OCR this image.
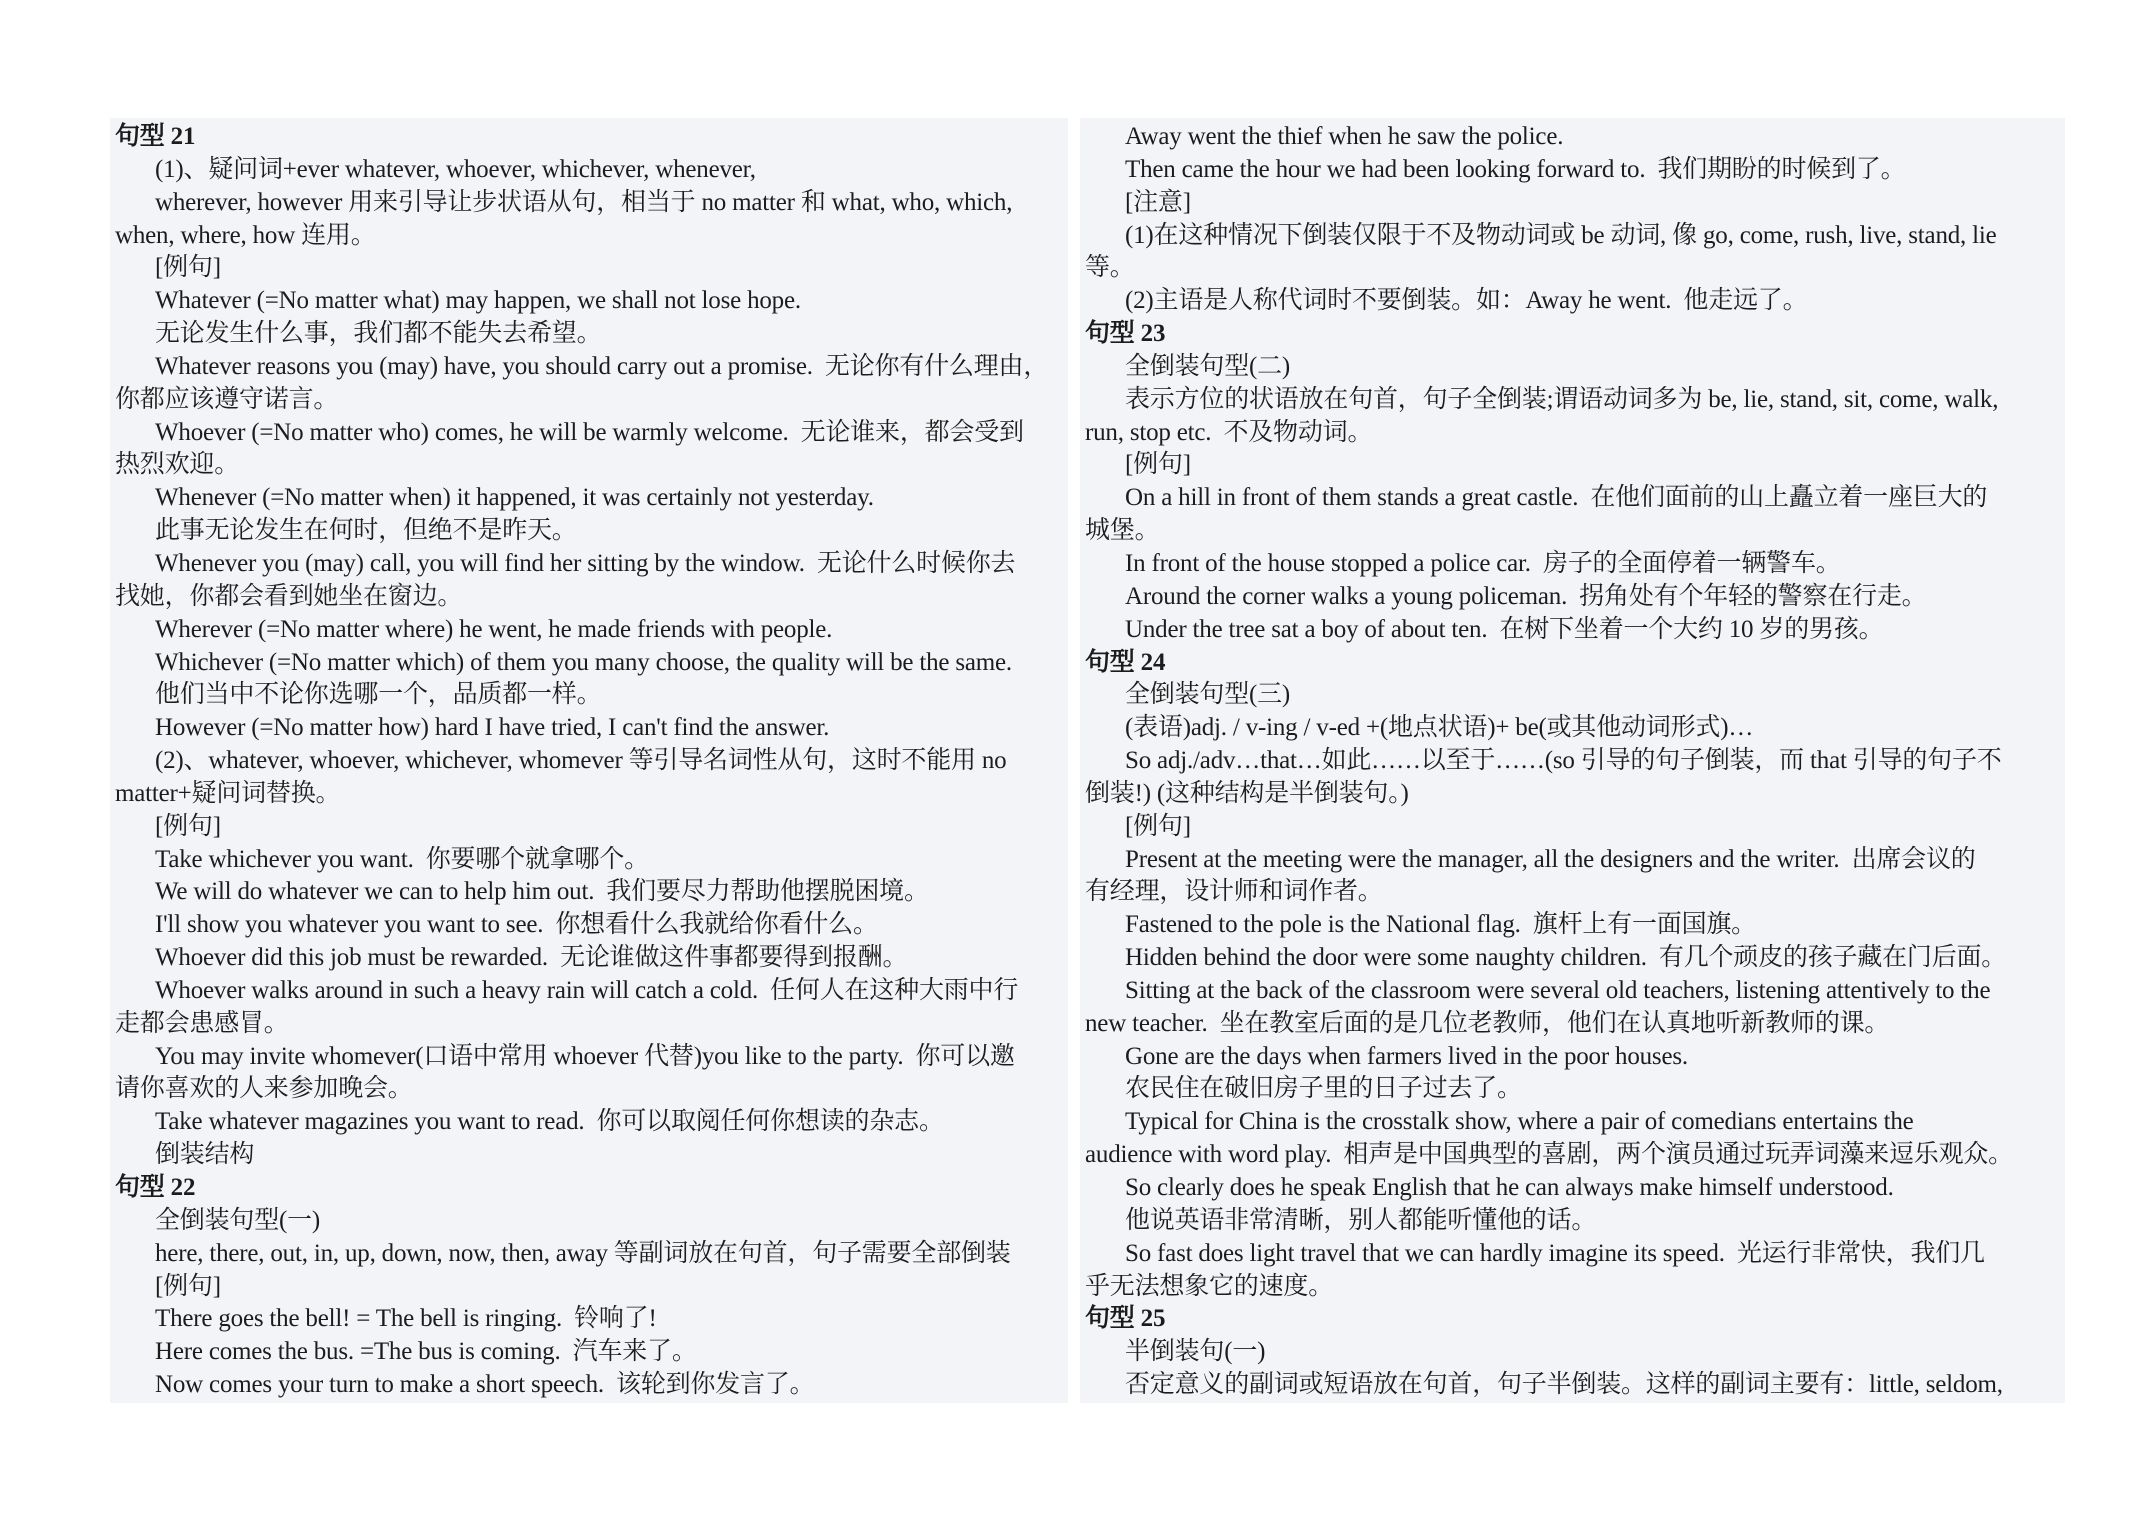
句型 21
(1)、疑问词+ever whatever, whoever, whichever, whenever,
wherever, however 用来引导让步状语从句，相当于 no matter 和 what, who, which,
when, where, how 连用。
[例句]
Whatever (=No matter what) may happen, we shall not lose hope.
无论发生什么事，我们都不能失去希望。
Whatever reasons you (may) have, you should carry out a promise.  无论你有什么理由，
你都应该遵守诺言。
Whoever (=No matter who) comes, he will be warmly welcome.  无论谁来，都会受到
热烈欢迎。
Whenever (=No matter when) it happened, it was certainly not yesterday.
此事无论发生在何时，但绝不是昨天。
Whenever you (may) call, you will find her sitting by the window.  无论什么时候你去
找她，你都会看到她坐在窗边。
Wherever (=No matter where) he went, he made friends with people.
Whichever (=No matter which) of them you many choose, the quality will be the same.
他们当中不论你选哪一个，品质都一样。
However (=No matter how) hard I have tried, I can't find the answer.
(2)、whatever, whoever, whichever, whomever 等引导名词性从句，这时不能用 no
matter+疑问词替换。
[例句]
Take whichever you want.  你要哪个就拿哪个。
We will do whatever we can to help him out.  我们要尽力帮助他摆脱困境。
I'll show you whatever you want to see.  你想看什么我就给你看什么。
Whoever did this job must be rewarded.  无论谁做这件事都要得到报酬。
Whoever walks around in such a heavy rain will catch a cold.  任何人在这种大雨中行
走都会患感冒。
You may invite whomever(口语中常用 whoever 代替)you like to the party.  你可以邀
请你喜欢的人来参加晚会。
Take whatever magazines you want to read.  你可以取阅任何你想读的杂志。
倒装结构
句型 22
全倒装句型(一)
here, there, out, in, up, down, now, then, away 等副词放在句首，句子需要全部倒装
[例句]
There goes the bell! = The bell is ringing.  铃响了!
Here comes the bus. =The bus is coming.  汽车来了。
Now comes your turn to make a short speech.  该轮到你发言了。
Away went the thief when he saw the police.
Then came the hour we had been looking forward to.  我们期盼的时候到了。
[注意]
(1)在这种情况下倒装仅限于不及物动词或 be 动词, 像 go, come, rush, live, stand, lie
等。
(2)主语是人称代词时不要倒装。如：Away he went.  他走远了。
句型 23
全倒装句型(二)
表示方位的状语放在句首，句子全倒装;谓语动词多为 be, lie, stand, sit, come, walk,
run, stop etc.  不及物动词。
[例句]
On a hill in front of them stands a great castle.  在他们面前的山上矗立着一座巨大的
城堡。
In front of the house stopped a police car.  房子的全面停着一辆警车。
Around the corner walks a young policeman.  拐角处有个年轻的警察在行走。
Under the tree sat a boy of about ten.  在树下坐着一个大约 10 岁的男孩。
句型 24
全倒装句型(三)
(表语)adj. / v-ing / v-ed +(地点状语)+ be(或其他动词形式)…
So adj./adv…that…如此……以至于……(so 引导的句子倒装，而 that 引导的句子不
倒装!) (这种结构是半倒装句。)
[例句]
Present at the meeting were the manager, all the designers and the writer.  出席会议的
有经理，设计师和词作者。
Fastened to the pole is the National flag.  旗杆上有一面国旗。
Hidden behind the door were some naughty children.  有几个顽皮的孩子藏在门后面。
Sitting at the back of the classroom were several old teachers, listening attentively to the
new teacher.  坐在教室后面的是几位老教师，他们在认真地听新教师的课。
Gone are the days when farmers lived in the poor houses.
农民住在破旧房子里的日子过去了。
Typical for China is the crosstalk show, where a pair of comedians entertains the
audience with word play.  相声是中国典型的喜剧，两个演员通过玩弄词藻来逗乐观众。
So clearly does he speak English that he can always make himself understood.
他说英语非常清晰，别人都能听懂他的话。
So fast does light travel that we can hardly imagine its speed.  光运行非常快，我们几
乎无法想象它的速度。
句型 25
半倒装句(一)
否定意义的副词或短语放在句首，句子半倒装。这样的副词主要有：little, seldom,
